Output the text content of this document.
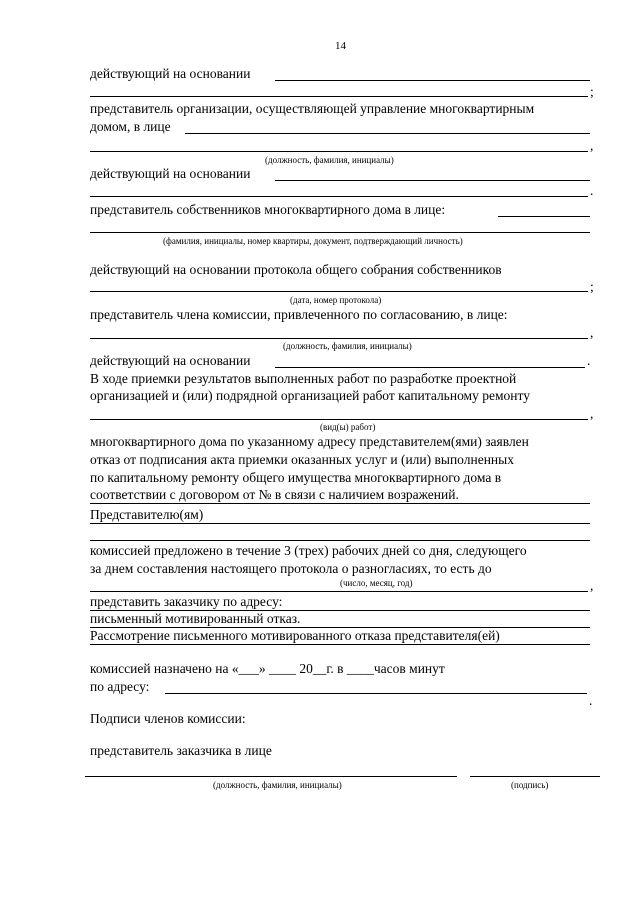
14
действующий на основании
;
представитель организации, осуществляющей управление многоквартирным
домом, в лице
,
(должность, фамилия, инициалы)
действующий на основании
.
представитель собственников многоквартирного дома в лице:
(фамилия, инициалы, номер квартиры, документ, подтверждающий личность)
действующий на основании протокола общего собрания собственников
;
(дата, номер протокола)
представитель члена комиссии, привлеченного по согласованию, в лице:
,
(должность, фамилия, инициалы)
действующий на основании	.
В ходе приемки результатов выполненных работ по разработке проектной
организацией и (или) подрядной организацией работ капитальному ремонту
,
(вид(ы) работ)
многоквартирного дома по указанному адресу представителем(ями) заявлен
отказ от подписания акта приемки оказанных услуг и (или) выполненных
по капитальному ремонту общего имущества многоквартирного дома в
соответствии с договором от № в связи с наличием возражений.
Представителю(ям)
комиссией предложено в течение 3 (трех) рабочих дней со дня, следующего
за днем составления настоящего протокола о разногласиях, то есть до
,
(число, месяц, год)
представить заказчику по адресу:
письменный мотивированный отказ.
Рассмотрение письменного мотивированного отказа представителя(ей)
комиссией назначено на «___» ____ 20__г. в ____часов минут
по адресу:
.
Подписи членов комиссии:
представитель заказчика в лице
(должность, фамилия, инициалы)	(подпись)
